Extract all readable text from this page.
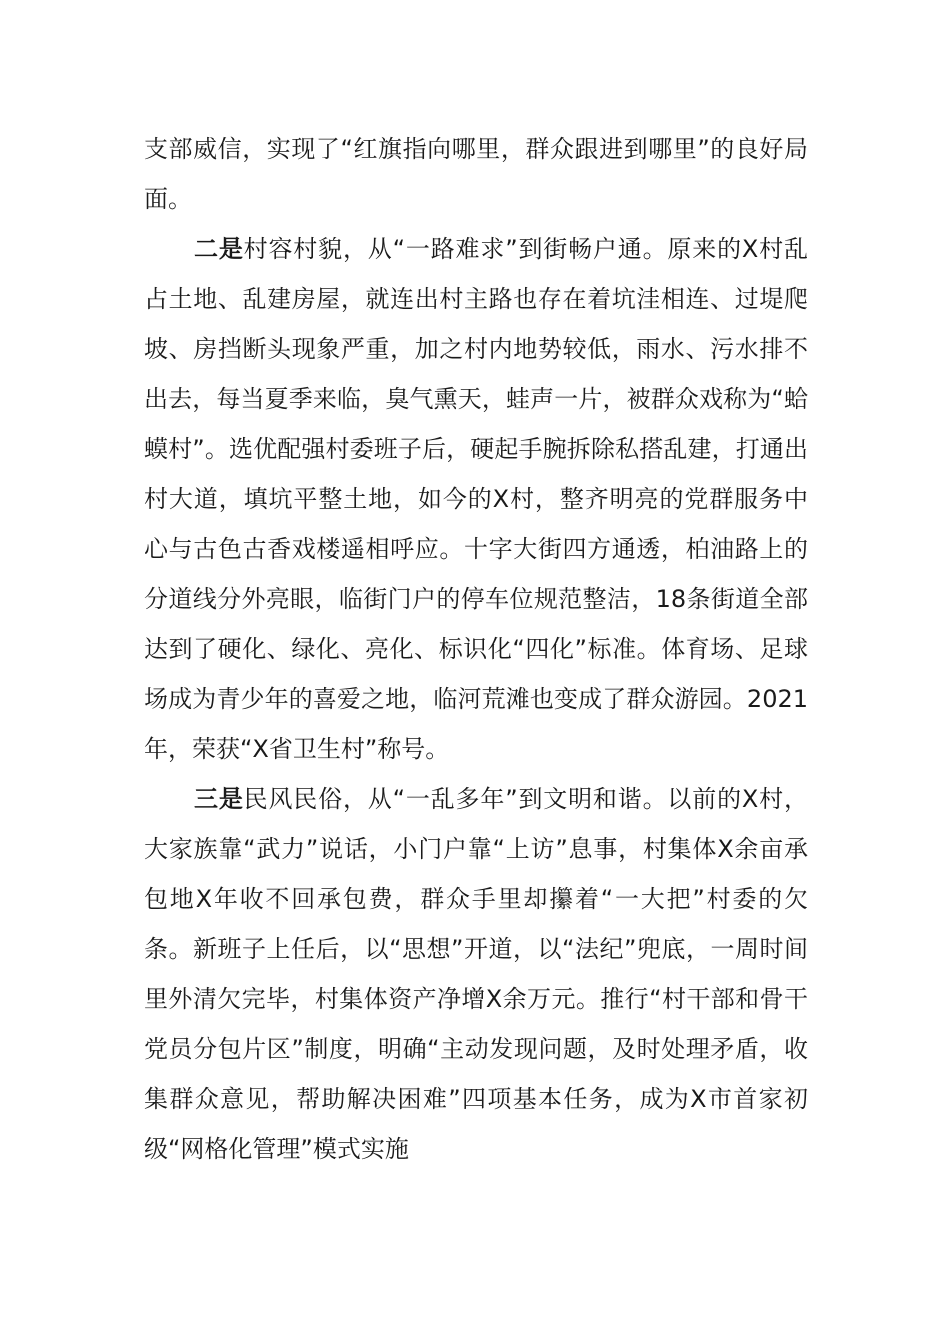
支部威信，实现了“红旗指向哪里，群众跟进到哪里”的良好局面。

二是村容村貌，从“一路难求”到街畅户通。原来的X村乱占土地、乱建房屋，就连出村主路也存在着坑洼相连、过堤爬坡、房挡断头现象严重，加之村内地势较低，雨水、污水排不出去，每当夏季来临，臭气熏天，蛙声一片，被群众戏称为“蛤蟆村”。选优配强村委班子后，硬起手腕拆除私搭乱建，打通出村大道，填坑平整土地，如今的X村，整齐明亮的党群服务中心与古色古香戏楼遥相呼应。十字大街四方通透，柏油路上的分道线分外亮眼，临街门户的停车位规范整洁，18条街道全部达到了硬化、绿化、亮化、标识化“四化”标准。体育场、足球场成为青少年的喜爱之地，临河荒滩也变成了群众游园。2021年，荣获“X省卫生村”称号。

三是民风民俗，从“一乱多年”到文明和谐。以前的X村，大家族靠“武力”说话，小门户靠“上访”息事，村集体X余亩承包地X年收不回承包费，群众手里却攥着“一大把”村委的欠条。新班子上任后，以“思想”开道，以“法纪”兜底，一周时间里外清欠完毕，村集体资产净增X余万元。推行“村干部和骨干党员分包片区”制度，明确“主动发现问题，及时处理矛盾，收集群众意见，帮助解决困难”四项基本任务，成为X市首家初级“网格化管理”模式实施
